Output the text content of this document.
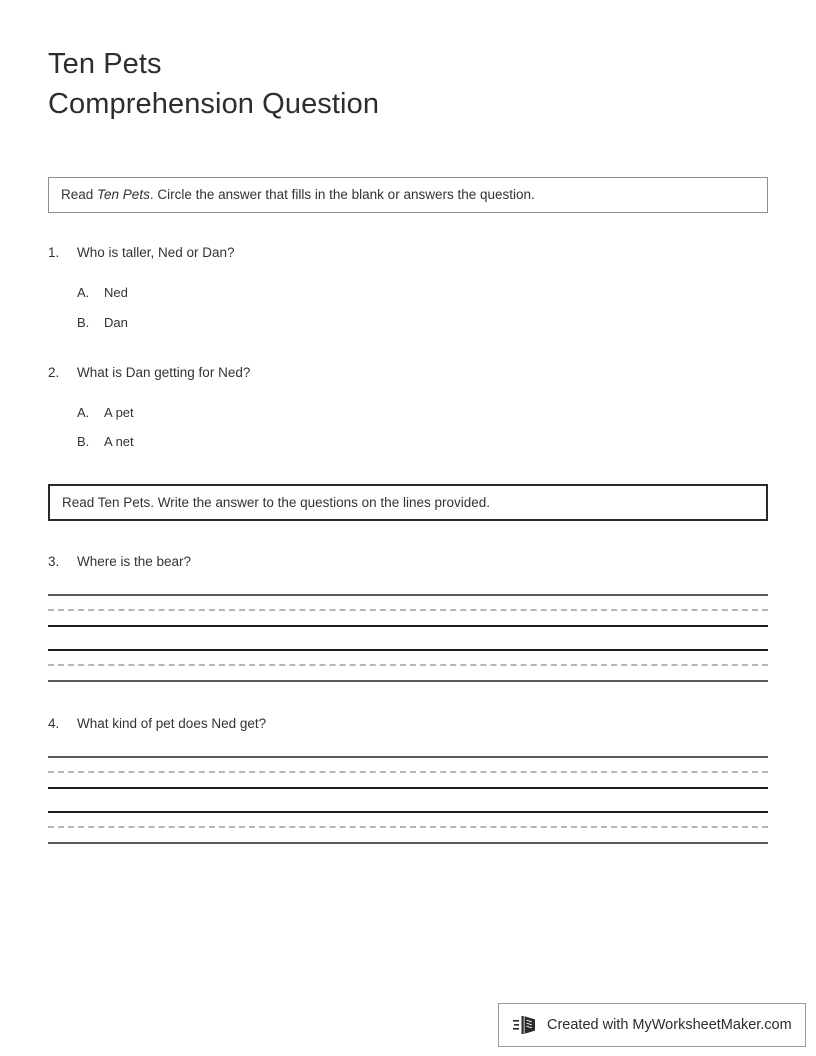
Ten Pets
Comprehension Question
Read Ten Pets. Circle the answer that fills in the blank or answers the question.
1.	Who is taller, Ned or Dan?
A.	Ned
B.	Dan
2.	What is Dan getting for Ned?
A.	A pet
B.	A net
Read Ten Pets. Write the answer to the questions on the lines provided.
3.	Where is the bear?
4.	What kind of pet does Ned get?
Created with MyWorksheetMaker.com
